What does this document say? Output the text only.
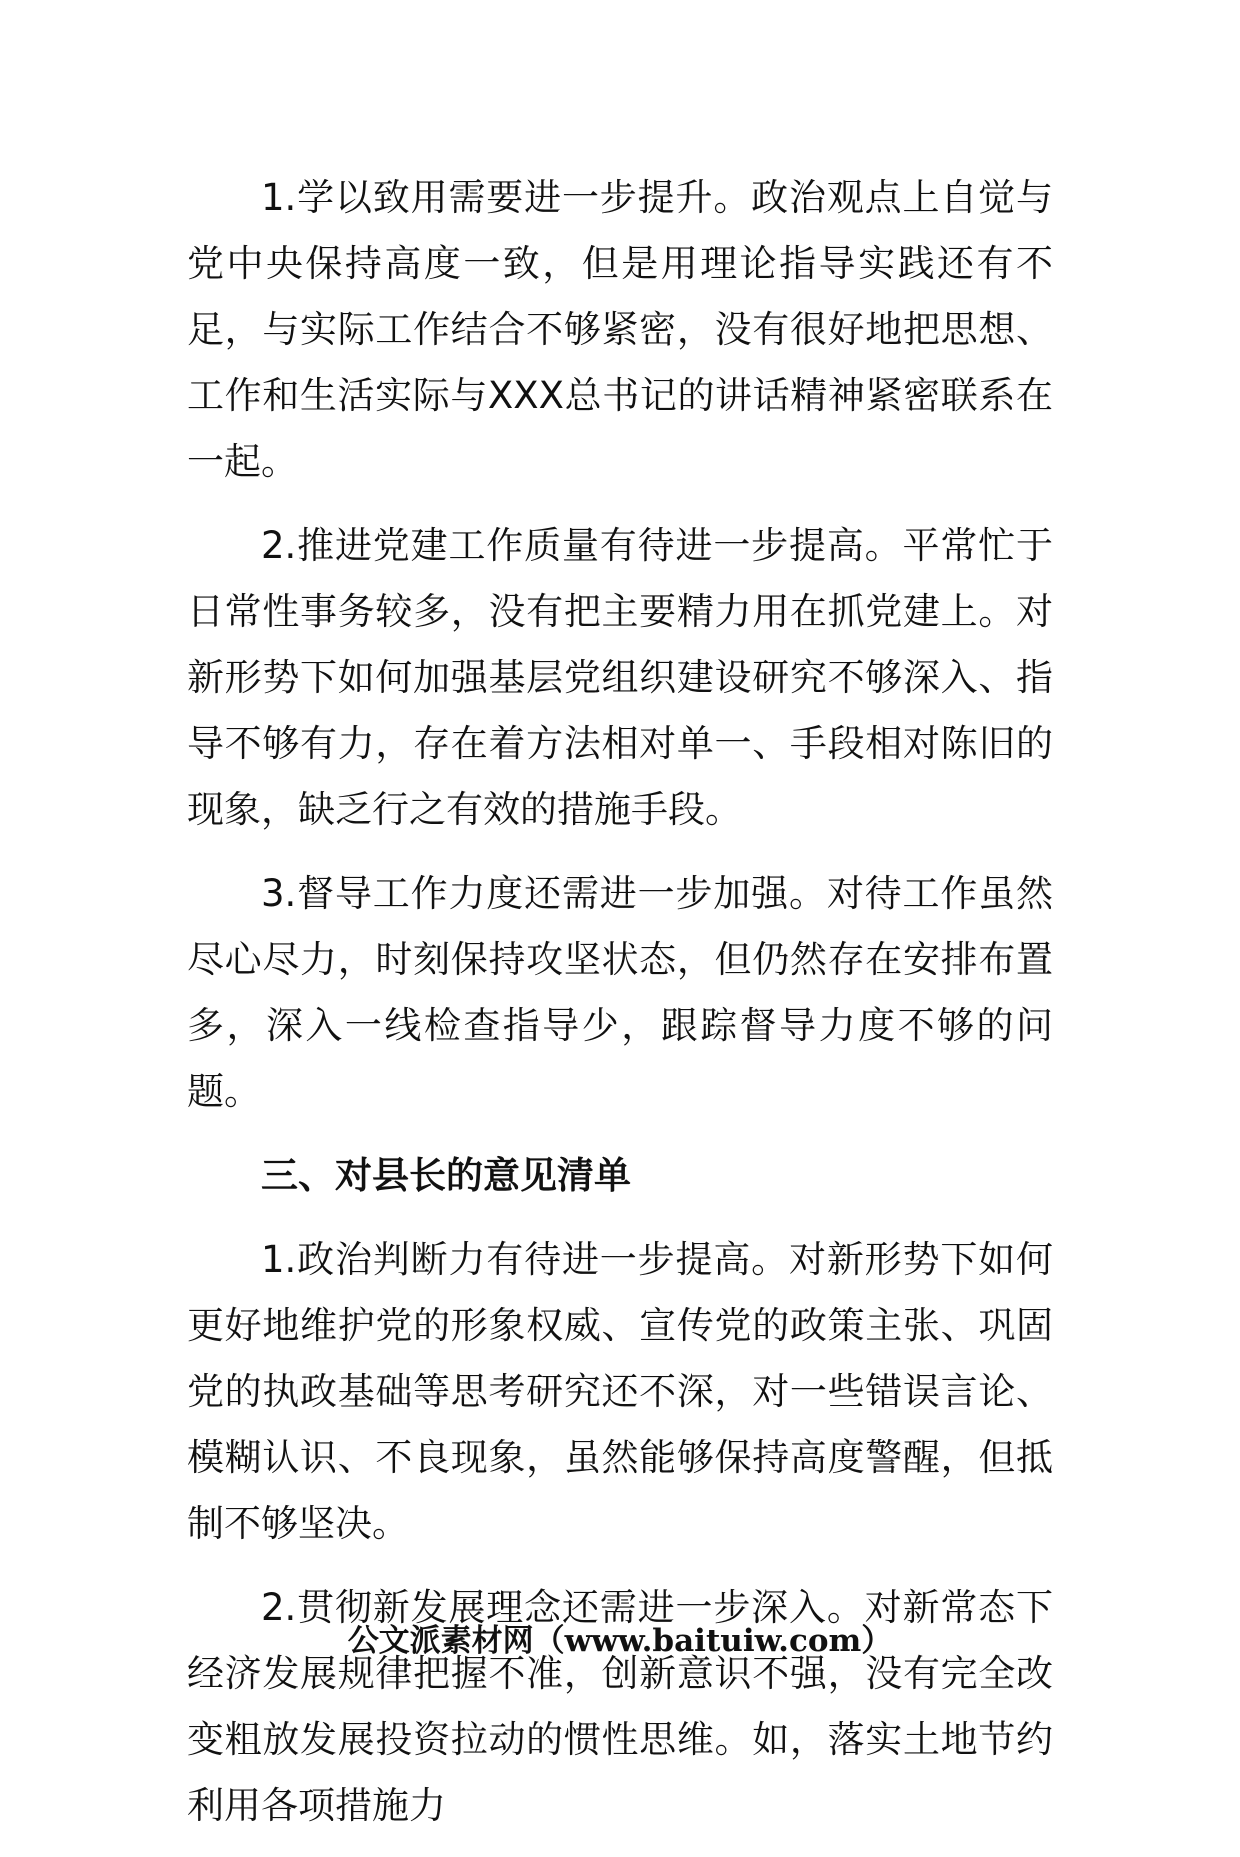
1.学以致用需要进一步提升。政治观点上自觉与党中央保持高度一致，但是用理论指导实践还有不足，与实际工作结合不够紧密，没有很好地把思想、工作和生活实际与XXX总书记的讲话精神紧密联系在一起。

2.推进党建工作质量有待进一步提高。平常忙于日常性事务较多，没有把主要精力用在抓党建上。对新形势下如何加强基层党组织建设研究不够深入、指导不够有力，存在着方法相对单一、手段相对陈旧的现象，缺乏行之有效的措施手段。

3.督导工作力度还需进一步加强。对待工作虽然尽心尽力，时刻保持攻坚状态，但仍然存在安排布置多，深入一线检查指导少，跟踪督导力度不够的问题。

三、对县长的意见清单

1.政治判断力有待进一步提高。对新形势下如何更好地维护党的形象权威、宣传党的政策主张、巩固党的执政基础等思考研究还不深，对一些错误言论、模糊认识、不良现象，虽然能够保持高度警醒，但抵制不够坚决。

2.贯彻新发展理念还需进一步深入。对新常态下经济发展规律把握不准，创新意识不强，没有完全改变粗放发展投资拉动的惯性思维。如，落实土地节约利用各项措施力

公文派素材网（www.baituiw.com）
